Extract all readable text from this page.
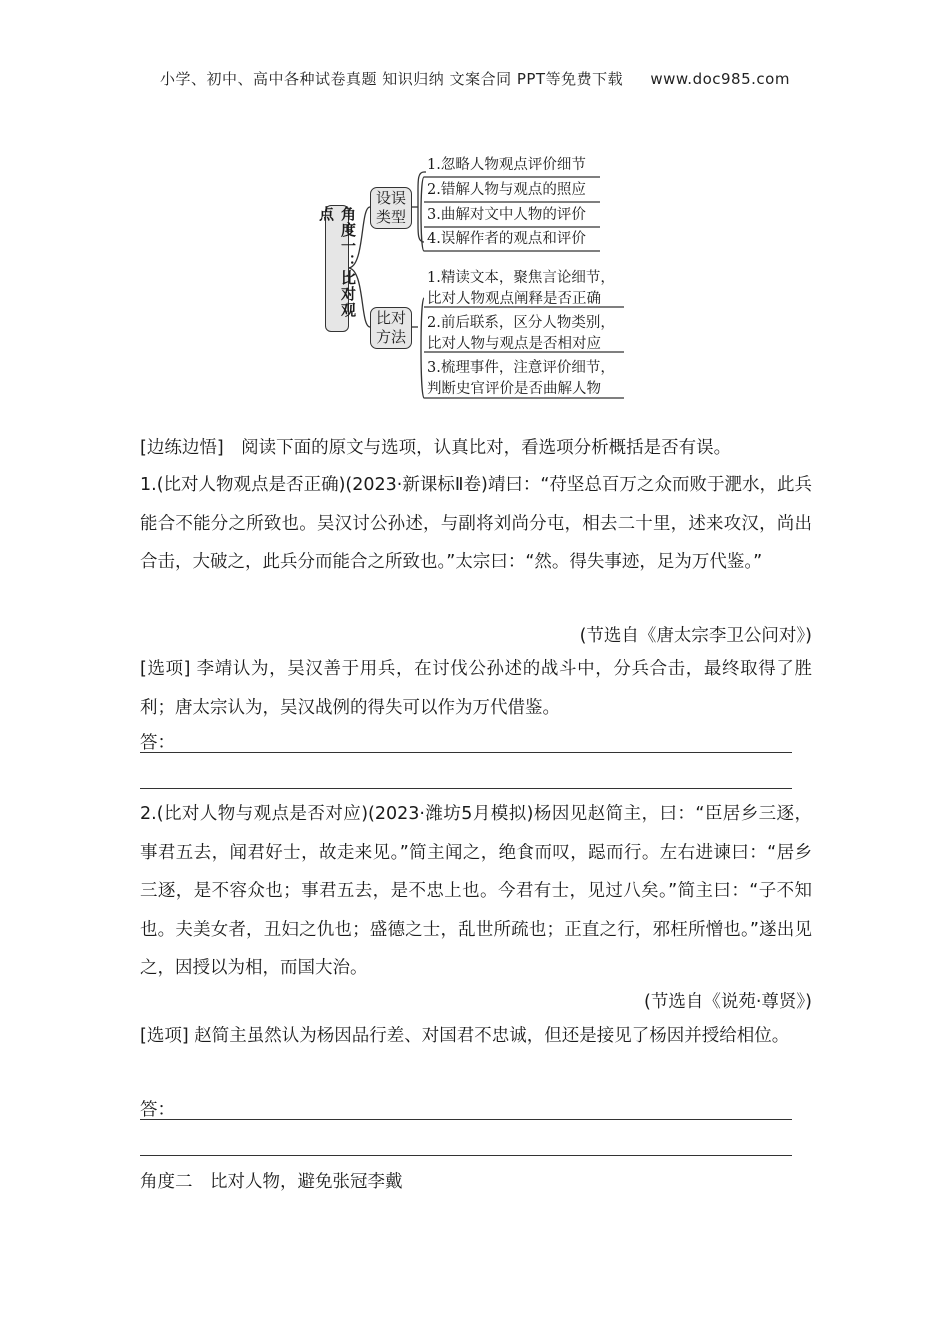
小学、初中、高中各种试卷真题 知识归纳 文案合同 PPT等免费下载 www.doc985.com
角度一：比对观点
设误类型
比对方法
1.忽略人物观点评价细节
2.错解人物与观点的照应
3.曲解对文中人物的评价
4.误解作者的观点和评价
1.精读文本，聚焦言论细节，
比对人物观点阐释是否正确
2.前后联系，区分人物类别，
比对人物与观点是否相对应
3.梳理事件，注意评价细节，
判断史官评价是否曲解人物
[边练边悟]　阅读下面的原文与选项，认真比对，看选项分析概括是否有误。
1.(比对人物观点是否正确)(2023·新课标Ⅱ卷)靖曰：“苻坚总百万之众而败于淝水，此兵能合不能分之所致也。吴汉讨公孙述，与副将刘尚分屯，相去二十里，述来攻汉，尚出合击，大破之，此兵分而能合之所致也。”太宗曰：“然。得失事迹，足为万代鉴。”
(节选自《唐太宗李卫公问对》)
[选项] 李靖认为，吴汉善于用兵，在讨伐公孙述的战斗中，分兵合击，最终取得了胜利；唐太宗认为，吴汉战例的得失可以作为万代借鉴。
答：
2.(比对人物与观点是否对应)(2023·潍坊5月模拟)杨因见赵简主，曰：“臣居乡三逐，事君五去，闻君好士，故走来见。”简主闻之，绝食而叹，跽而行。左右进谏曰：“居乡三逐，是不容众也；事君五去，是不忠上也。今君有士，见过八矣。”简主曰：“子不知也。夫美女者，丑妇之仇也；盛德之士，乱世所疏也；正直之行，邪枉所憎也。”遂出见之，因授以为相，而国大治。
(节选自《说苑·尊贤》)
[选项] 赵简主虽然认为杨因品行差、对国君不忠诚，但还是接见了杨因并授给相位。
答：
角度二　比对人物，避免张冠李戴
